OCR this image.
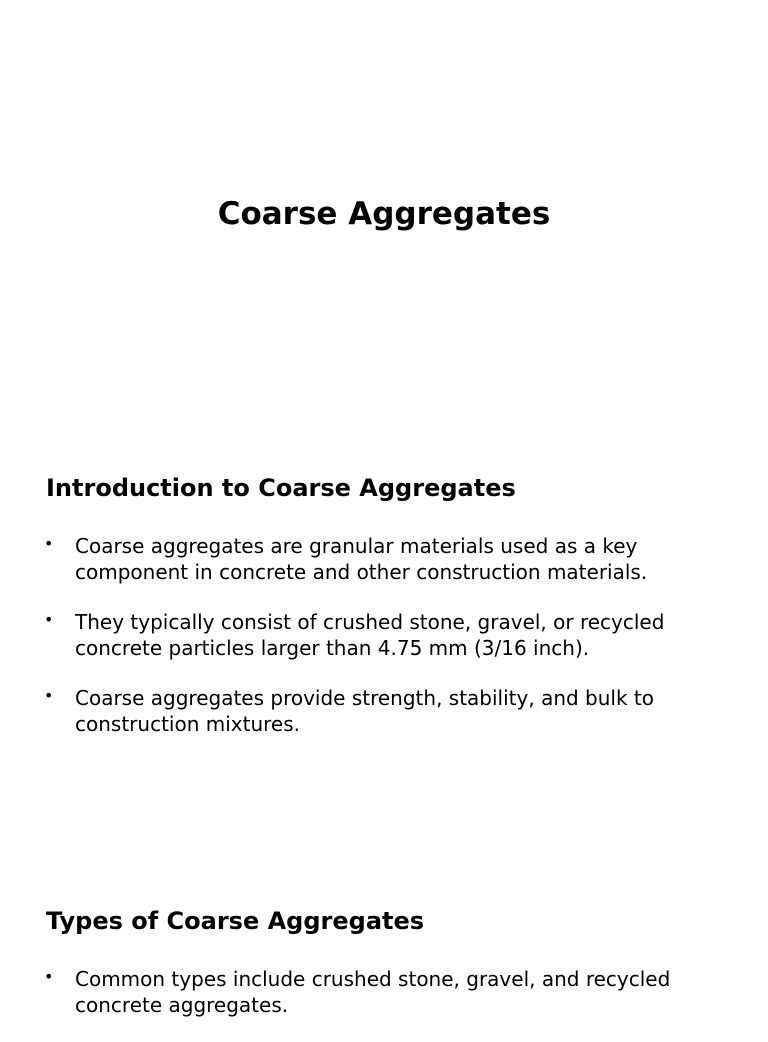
Coarse Aggregates
Introduction to Coarse Aggregates
• Coarse aggregates are granular materials used as a key component in concrete and other construction materials.
• They typically consist of crushed stone, gravel, or recycled concrete particles larger than 4.75 mm (3/16 inch).
• Coarse aggregates provide strength, stability, and bulk to construction mixtures.
Types of Coarse Aggregates
• Common types include crushed stone, gravel, and recycled concrete aggregates.
